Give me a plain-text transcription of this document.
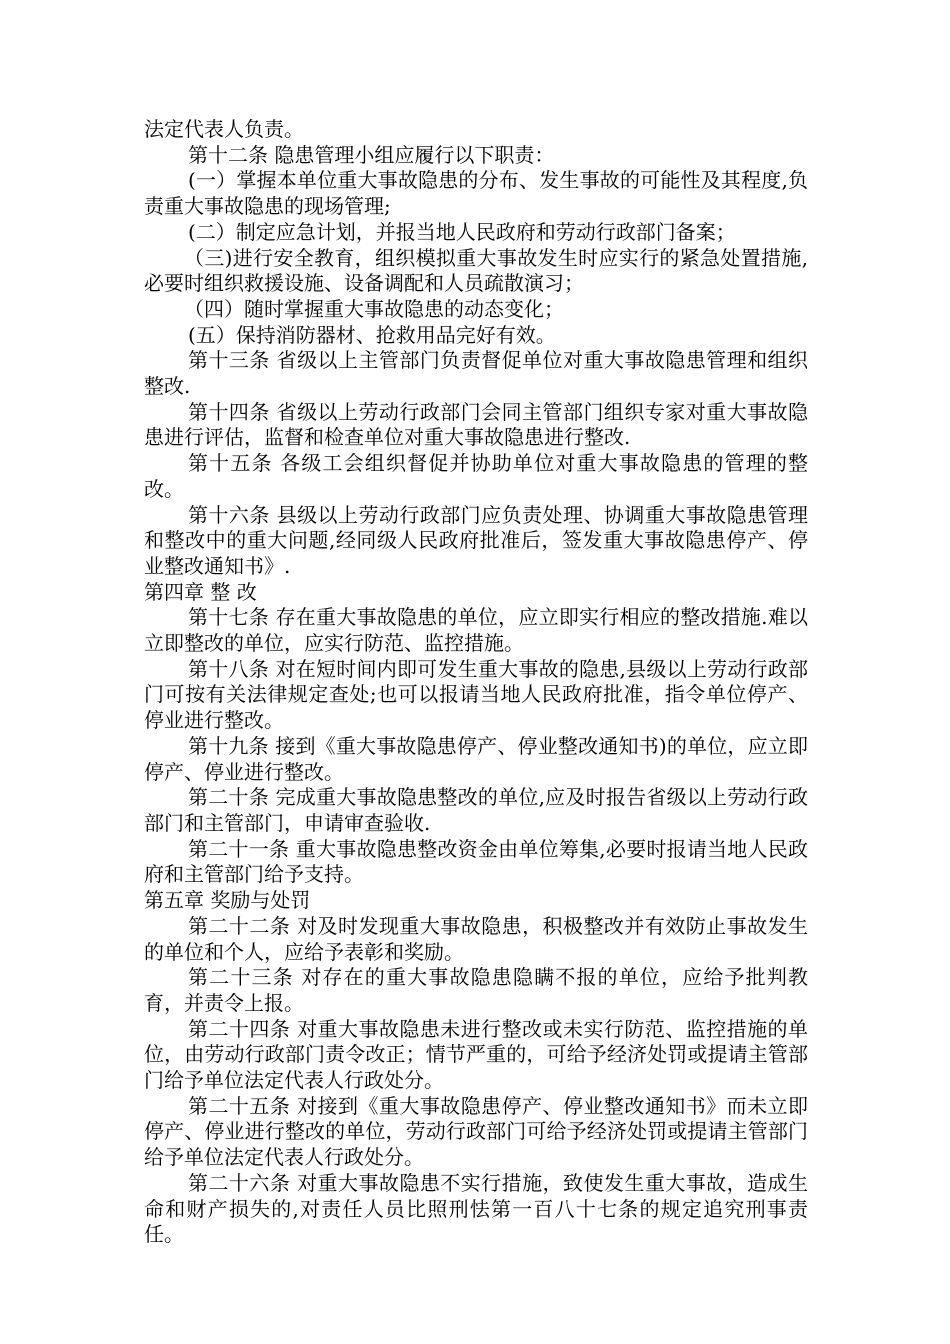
法定代表人负责。

第十二条 隐患管理小组应履行以下职责：

(一）掌握本单位重大事故隐患的分布、发生事故的可能性及其程度,负责重大事故隐患的现场管理;

(二）制定应急计划，并报当地人民政府和劳动行政部门备案；

（三)进行安全教育，组织模拟重大事故发生时应实行的紧急处置措施,必要时组织救援设施、设备调配和人员疏散演习；

（四）随时掌握重大事故隐患的动态变化；

(五）保持消防器材、抢救用品完好有效。

第十三条 省级以上主管部门负责督促单位对重大事故隐患管理和组织整改.

第十四条 省级以上劳动行政部门会同主管部门组织专家对重大事故隐患进行评估，监督和检查单位对重大事故隐患进行整改.

第十五条 各级工会组织督促并协助单位对重大事故隐患的管理的整改。

第十六条 县级以上劳动行政部门应负责处理、协调重大事故隐患管理和整改中的重大问题,经同级人民政府批准后，签发重大事故隐患停产、停业整改通知书》.

第四章 整 改

第十七条 存在重大事故隐患的单位，应立即实行相应的整改措施.难以立即整改的单位，应实行防范、监控措施。

第十八条 对在短时间内即可发生重大事故的隐患,县级以上劳动行政部门可按有关法律规定查处;也可以报请当地人民政府批准，指令单位停产、停业进行整改。

第十九条 接到《重大事故隐患停产、停业整改通知书)的单位，应立即停产、停业进行整改。

第二十条 完成重大事故隐患整改的单位,应及时报告省级以上劳动行政部门和主管部门，申请审查验收.

第二十一条 重大事故隐患整改资金由单位筹集,必要时报请当地人民政府和主管部门给予支持。

第五章 奖励与处罚

第二十二条 对及时发现重大事故隐患，积极整改并有效防止事故发生的单位和个人，应给予表彰和奖励。

第二十三条 对存在的重大事故隐患隐瞒不报的单位，应给予批判教育，并责令上报。

第二十四条 对重大事故隐患未进行整改或未实行防范、监控措施的单位，由劳动行政部门责令改正；情节严重的，可给予经济处罚或提请主管部门给予单位法定代表人行政处分。

第二十五条 对接到《重大事故隐患停产、停业整改通知书》而未立即停产、停业进行整改的单位，劳动行政部门可给予经济处罚或提请主管部门给予单位法定代表人行政处分。

第二十六条 对重大事故隐患不实行措施，致使发生重大事故，造成生命和财产损失的,对责任人员比照刑怯第一百八十七条的规定追究刑事责任。
